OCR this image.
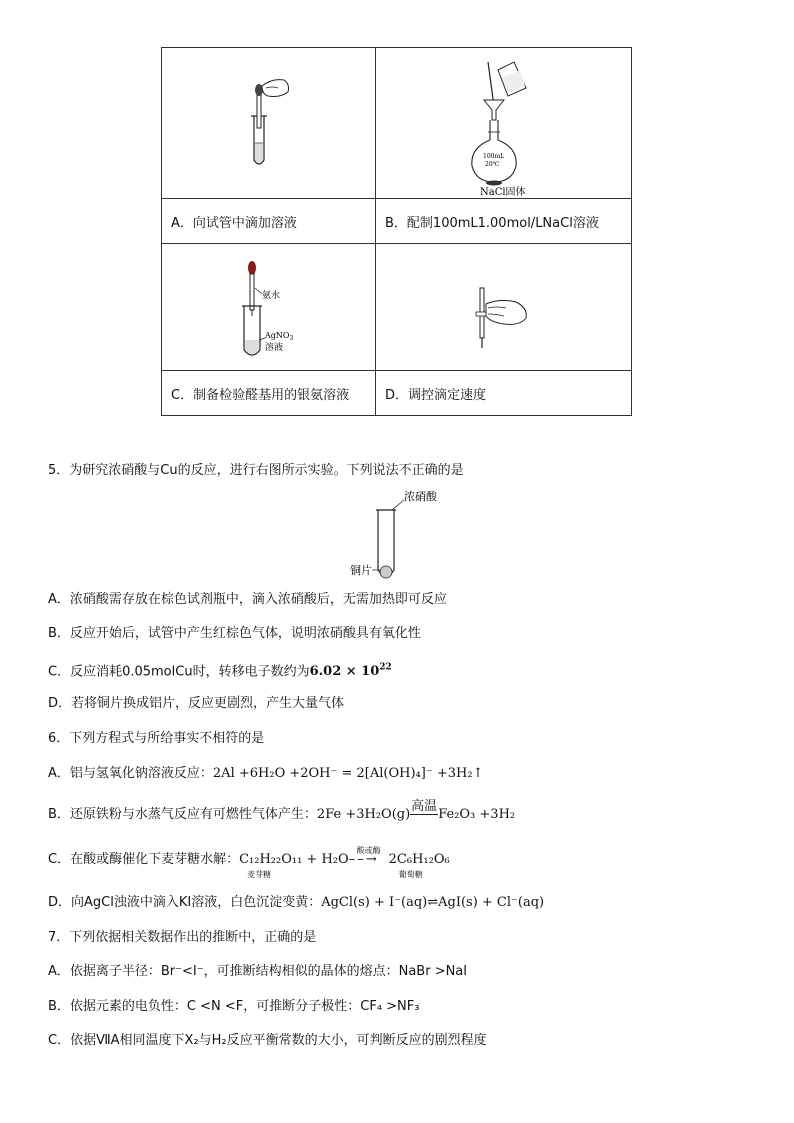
100mL
20℃
NaCl固体

A．向试管中滴加溶液	B．配制100mL1.00mol/LNaCl溶液

氨水
AgNO$_3$
溶液

C．制备检验醛基用的银氨溶液	D．调控滴定速度
5．为研究浓硝酸与Cu的反应，进行右图所示实验。下列说法不正确的是
浓硝酸
铜片
A．浓硝酸需存放在棕色试剂瓶中，滴入浓硝酸后，无需加热即可反应
B．反应开始后，试管中产生红棕色气体，说明浓硝酸具有氧化性
C．反应消耗0.05molCu时，转移电子数约为$6.02 \times 10^{22}$
D．若将铜片换成铝片，反应更剧烈，产生大量气体
6．下列方程式与所给事实不相符的是
A．铝与氢氧化钠溶液反应：2Al +6H₂O +2OH⁻ = 2[Al(OH)₄]⁻ +3H₂↑
B．还原铁粉与水蒸气反应有可燃性气体产生：2Fe +3H₂O(g)高温Fe₂O₃ +3H₂
C．在酸或酶催化下麦芽糖水解：C₁₂H₂₂O₁₁ + H₂O
麦芽糖
酸或酶
– – → 2C₆H₁₂O₆
葡萄糖
D．向AgCl浊液中滴入KI溶液，白色沉淀变黄：AgCl(s) + I⁻(aq)⇌AgI(s) + Cl⁻(aq)
7．下列依据相关数据作出的推断中，正确的是
A．依据离子半径：Br⁻<I⁻，可推断结构相似的晶体的熔点：NaBr >NaI
B．依据元素的电负性：C <N <F，可推断分子极性：CF₄ >NF₃
C．依据ⅦA相同温度下X₂与H₂反应平衡常数的大小，可判断反应的剧烈程度
